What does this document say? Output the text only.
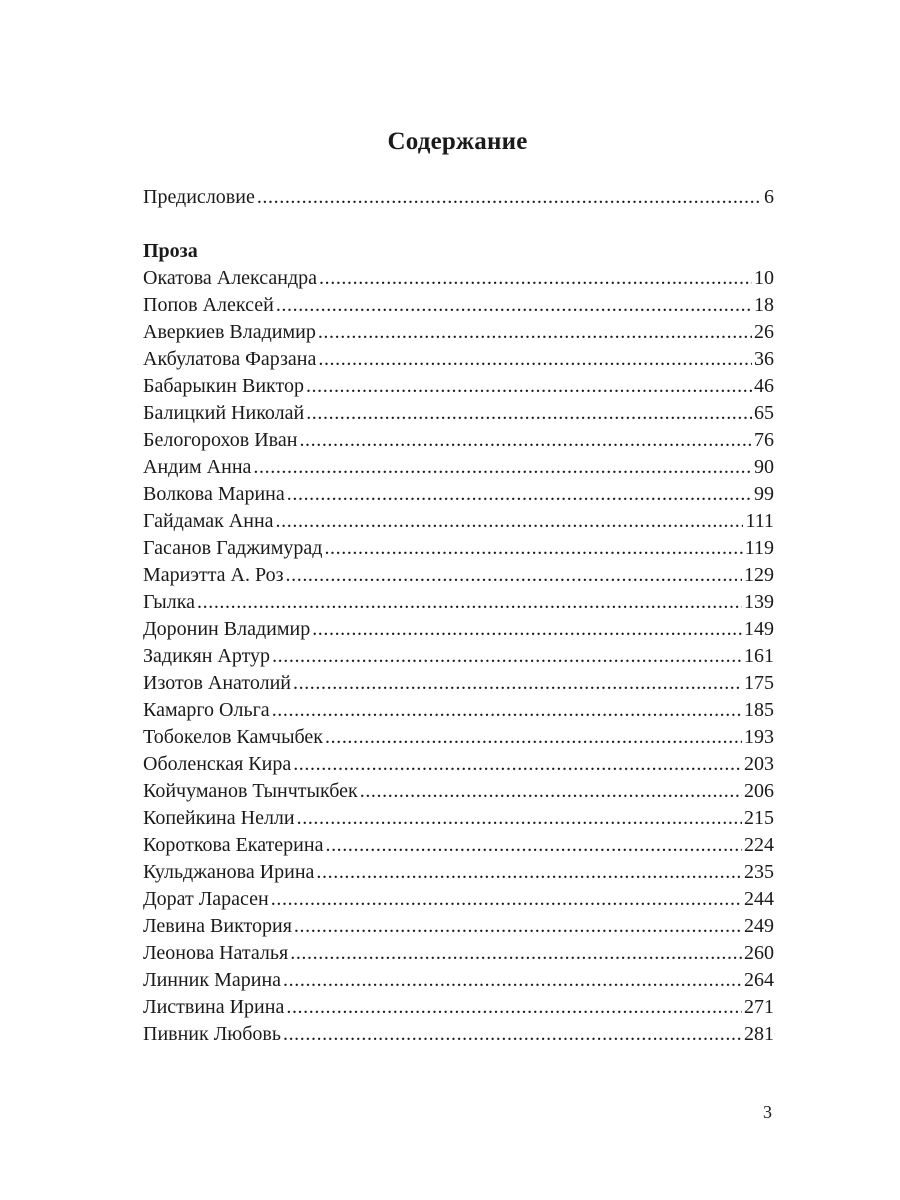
Содержание
Предисловие .....	6
Проза
Окатова Александра .....	10
Попов Алексей .....	18
Аверкиев Владимир .....	26
Акбулатова Фарзана .....	36
Бабарыкин Виктор .....	46
Балицкий Николай .....	65
Белогорохов Иван .....	76
Андим Анна .....	90
Волкова Марина .....	99
Гайдамак Анна .....	111
Гасанов Гаджимурад .....	119
Мариэтта А. Роз .....	129
Гылка .....	139
Доронин Владимир .....	149
Задикян Артур .....	161
Изотов Анатолий .....	175
Камарго Ольга .....	185
Тобокелов Камчыбек .....	193
Оболенская Кира .....	203
Койчуманов Тынчтыкбек .....	206
Копейкина Нелли .....	215
Короткова Екатерина .....	224
Кульджанова Ирина .....	235
Дорат Ларасен .....	244
Левина Виктория .....	249
Леонова Наталья .....	260
Линник Марина .....	264
Листвина Ирина .....	271
Пивник Любовь .....	281
3
